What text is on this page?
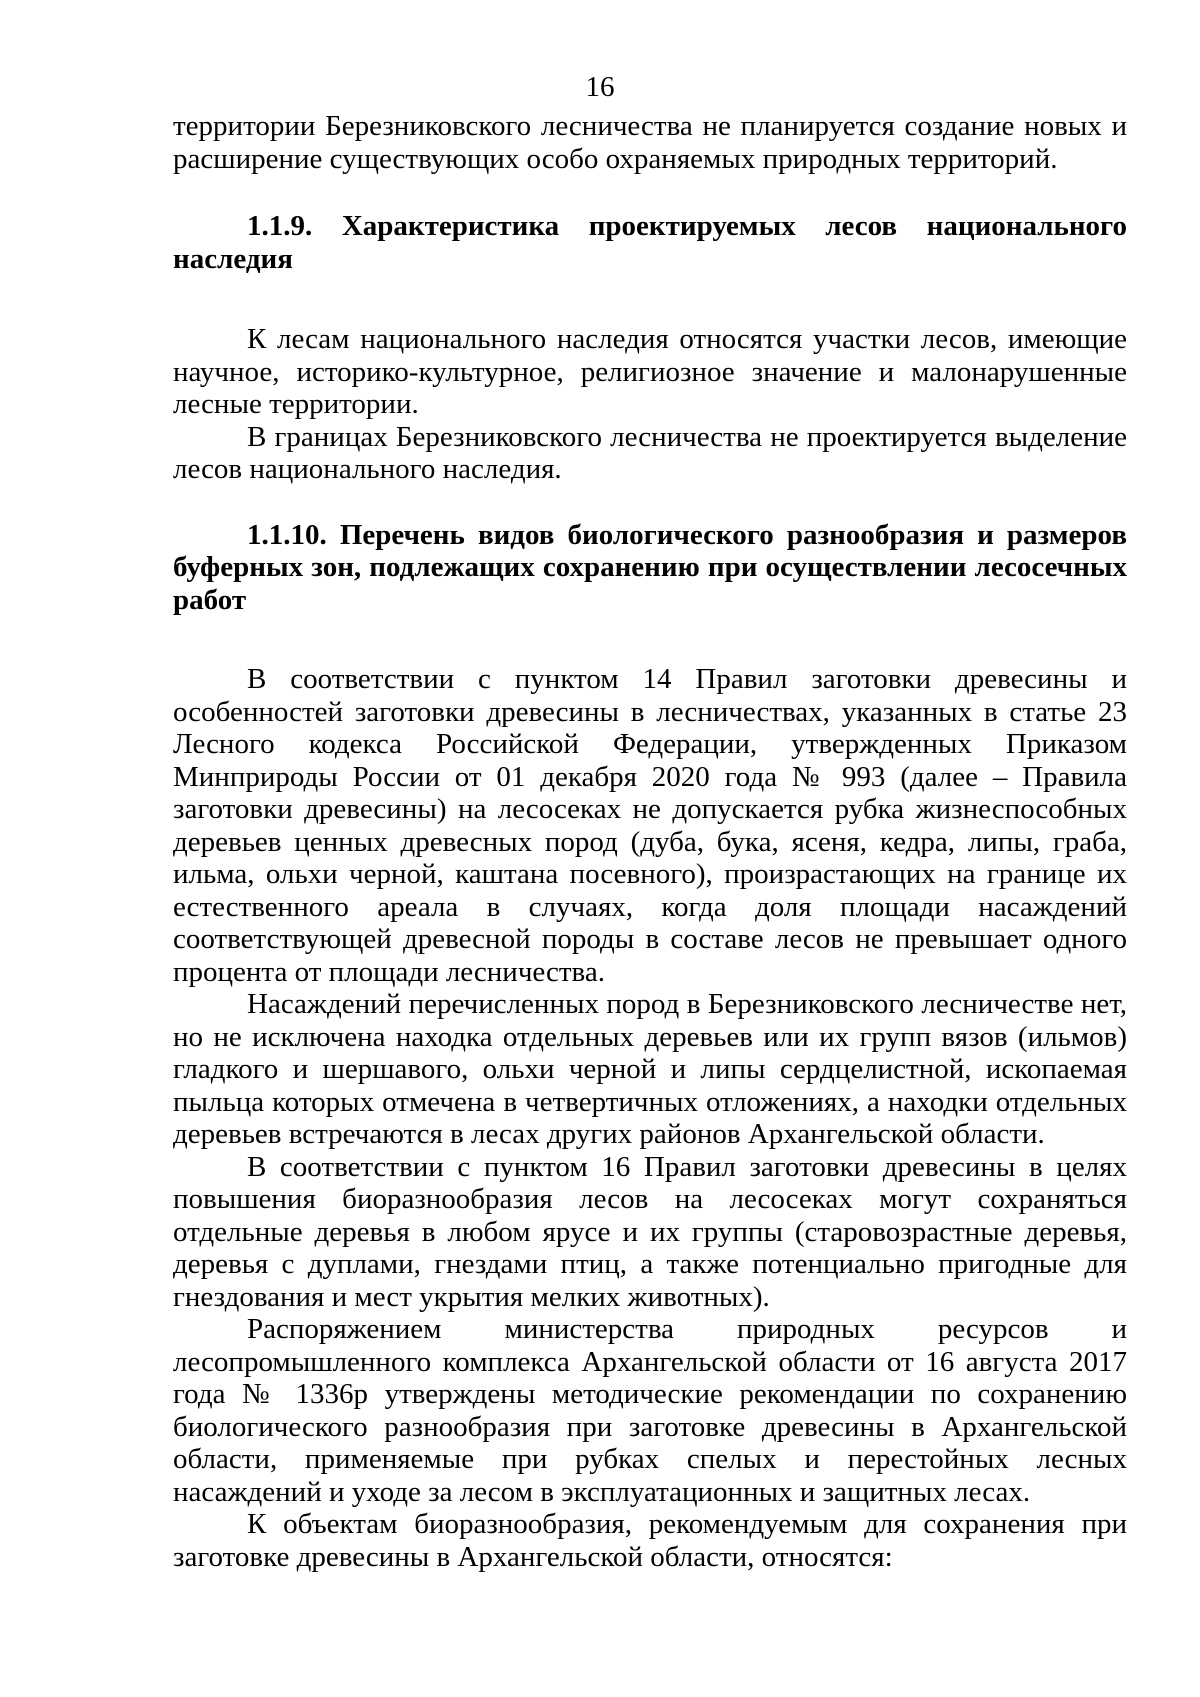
16

территории Березниковского лесничества не планируется создание новых и расширение существующих особо охраняемых природных территорий.

1.1.9. Характеристика проектируемых лесов национального наследия

К лесам национального наследия относятся участки лесов, имеющие научное, историко-культурное, религиозное значение и малонарушенные лесные территории.

В границах Березниковского лесничества не проектируется выделение лесов национального наследия.

1.1.10. Перечень видов биологического разнообразия и размеров буферных зон, подлежащих сохранению при осуществлении лесосечных работ

В соответствии с пунктом 14 Правил заготовки древесины и особенностей заготовки древесины в лесничествах, указанных в статье 23 Лесного кодекса Российской Федерации, утвержденных Приказом Минприроды России от 01 декабря 2020 года № 993 (далее – Правила заготовки древесины) на лесосеках не допускается рубка жизнеспособных деревьев ценных древесных пород (дуба, бука, ясеня, кедра, липы, граба, ильма, ольхи черной, каштана посевного), произрастающих на границе их естественного ареала в случаях, когда доля площади насаждений соответствующей древесной породы в составе лесов не превышает одного процента от площади лесничества.

Насаждений перечисленных пород в Березниковского лесничестве нет, но не исключена находка отдельных деревьев или их групп вязов (ильмов) гладкого и шершавого, ольхи черной и липы сердцелистной, ископаемая пыльца которых отмечена в четвертичных отложениях, а находки отдельных деревьев встречаются в лесах других районов Архангельской области.

В соответствии с пунктом 16 Правил заготовки древесины в целях повышения биоразнообразия лесов на лесосеках могут сохраняться отдельные деревья в любом ярусе и их группы (старовозрастные деревья, деревья с дуплами, гнездами птиц, а также потенциально пригодные для гнездования и мест укрытия мелких животных).

Распоряжением министерства природных ресурсов и лесопромышленного комплекса Архангельской области от 16 августа 2017 года № 1336р утверждены методические рекомендации по сохранению биологического разнообразия при заготовке древесины в Архангельской области, применяемые при рубках спелых и перестойных лесных насаждений и уходе за лесом в эксплуатационных и защитных лесах.

К объектам биоразнообразия, рекомендуемым для сохранения при заготовке древесины в Архангельской области, относятся:
